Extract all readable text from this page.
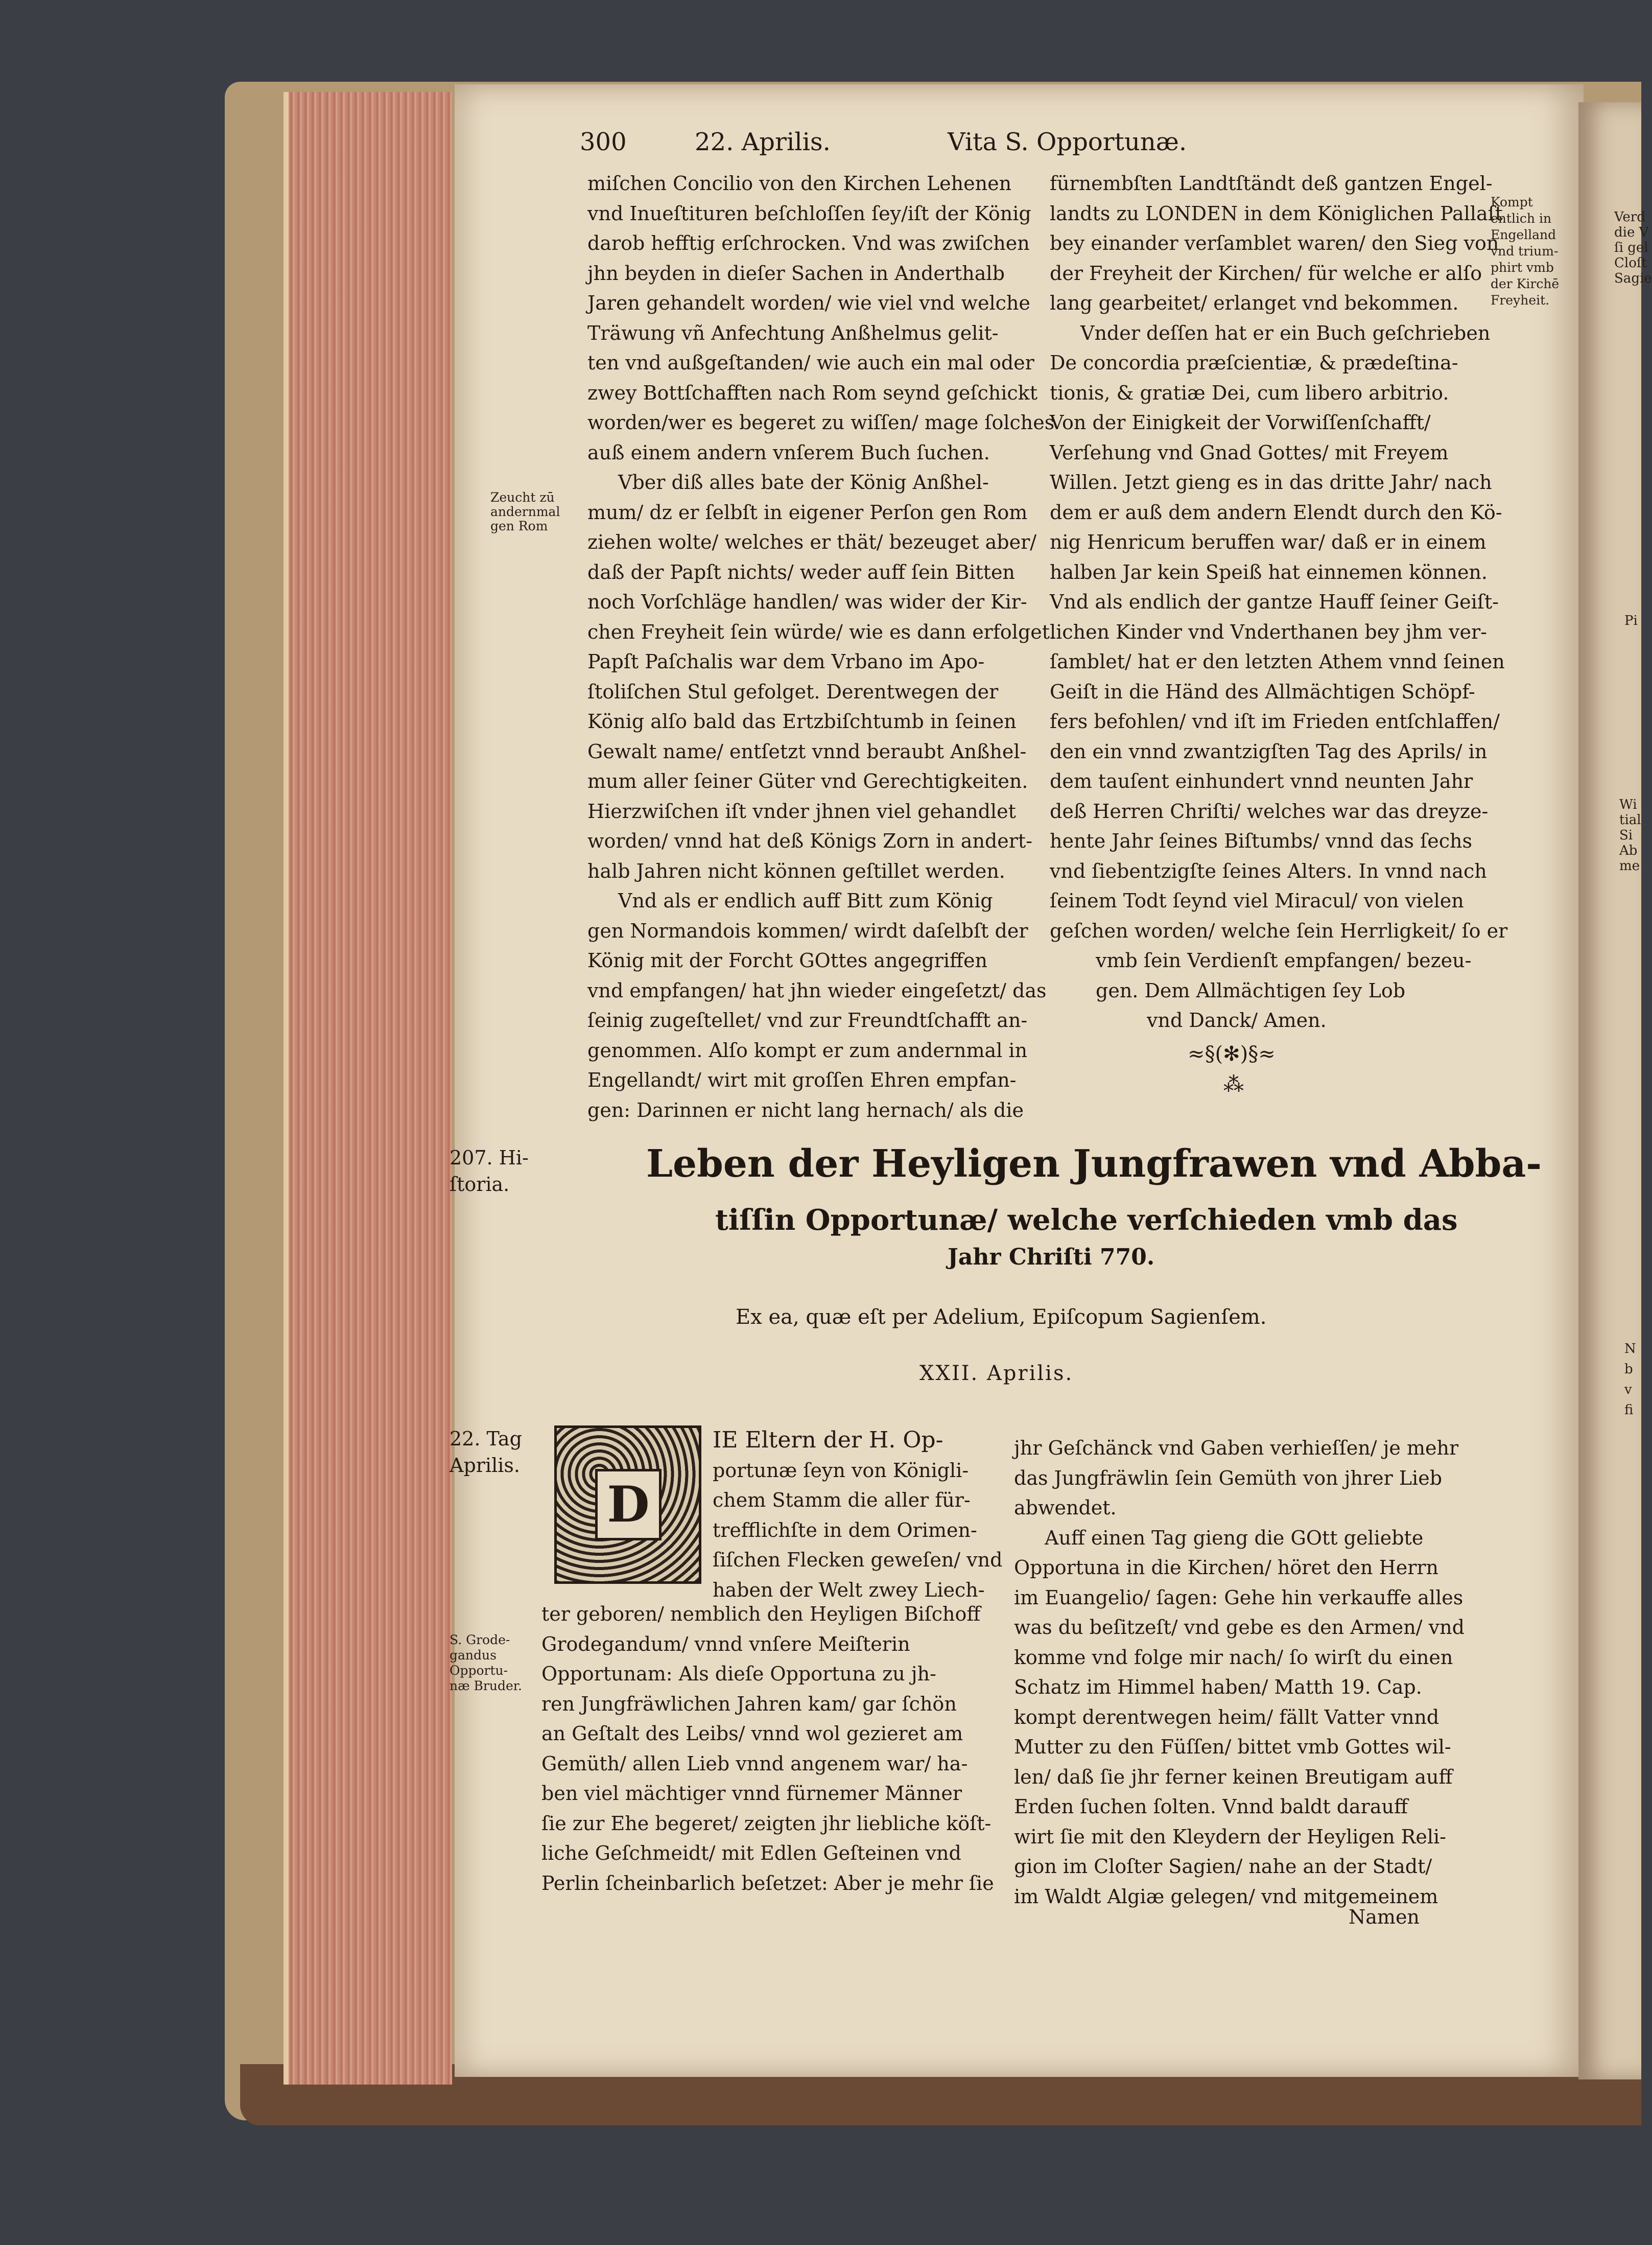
300	22. Aprilis.	Vita S. Opportunæ.
miſchen Concilio von den Kirchen Lehenen
vnd Inueſtituren beſchloſſen ſey/iſt der König
darob hefftig erſchrocken. Vnd was zwiſchen
jhn beyden in dieſer Sachen in Anderthalb
Jaren gehandelt worden/ wie viel vnd welche
Träwung vñ Anfechtung Anßhelmus gelit-
ten vnd außgeſtanden/ wie auch ein mal oder
zwey Bottſchafften nach Rom seynd geſchickt
worden/wer es begeret zu wiſſen/ mage ſolches
auß einem andern vnſerem Buch ſuchen.
Vber diß alles bate der König Anßhel-
mum/ dz er ſelbſt in eigener Perſon gen Rom
ziehen wolte/ welches er thät/ bezeuget aber/
daß der Papſt nichts/ weder auff ſein Bitten
noch Vorſchläge handlen/ was wider der Kir-
chen Freyheit ſein würde/ wie es dann erfolget.
Papſt Paſchalis war dem Vrbano im Apo-
ſtoliſchen Stul gefolget. Derentwegen der
König alſo bald das Ertzbiſchtumb in ſeinen
Gewalt name/ entſetzt vnnd beraubt Anßhel-
mum aller ſeiner Güter vnd Gerechtigkeiten.
Hierzwiſchen iſt vnder jhnen viel gehandlet
worden/ vnnd hat deß Königs Zorn in andert-
halb Jahren nicht können geſtillet werden.
Vnd als er endlich auff Bitt zum König
gen Normandois kommen/ wirdt daſelbſt der
König mit der Forcht GOttes angegriffen
vnd empfangen/ hat jhn wieder eingeſetzt/ das
ſeinig zugeſtellet/ vnd zur Freundtſchafft an-
genommen. Alſo kompt er zum andernmal in
Engellandt/ wirt mit groſſen Ehren empfan-
gen: Darinnen er nicht lang hernach/ als die
fürnembſten Landtſtändt deß gantzen Engel-
landts zu LONDEN in dem Königlichen Pallaſt
bey einander verſamblet waren/ den Sieg von
der Freyheit der Kirchen/ für welche er alſo
lang gearbeitet/ erlanget vnd bekommen.
Vnder deſſen hat er ein Buch geſchrieben
De concordia præſcientiæ, & prædeſtina-
tionis, & gratiæ Dei, cum libero arbitrio.
Von der Einigkeit der Vorwiſſenſchafft/
Verſehung vnd Gnad Gottes/ mit Freyem
Willen. Jetzt gieng es in das dritte Jahr/ nach
dem er auß dem andern Elendt durch den Kö-
nig Henricum beruffen war/ daß er in einem
halben Jar kein Speiß hat einnemen können.
Vnd als endlich der gantze Hauff ſeiner Geiſt-
lichen Kinder vnd Vnderthanen bey jhm ver-
ſamblet/ hat er den letzten Athem vnnd ſeinen
Geiſt in die Händ des Allmächtigen Schöpf-
fers befohlen/ vnd iſt im Frieden entſchlaffen/
den ein vnnd zwantzigſten Tag des Aprils/ in
dem tauſent einhundert vnnd neunten Jahr
deß Herren Chriſti/ welches war das dreyze-
hente Jahr ſeines Biſtumbs/ vnnd das ſechs
vnd ſiebentzigſte ſeines Alters. In vnnd nach
ſeinem Todt ſeynd viel Miracul/ von vielen
geſchen worden/ welche ſein Herrligkeit/ ſo er
vmb ſein Verdienſt empfangen/ bezeu-
gen. Dem Allmächtigen ſey Lob
vnd Danck/ Amen.
Zeucht zū
andernmal
gen Rom
Kompt
entlich in
Engelland
vnd trium-
phirt vmb
der Kirchē
Freyheit.
207. Hi-
ſtoria.
22. Tag
Aprilis.
S. Grode-
gandus
Opportu-
næ Bruder.
≈§(✻)§≈
⁂
Leben der Heyligen Jungfrawen vnd Abba-
tiſſin Opportunæ/ welche verſchieden vmb das
Jahr Chriſti 770.
Ex ea, quæ eſt per Adelium, Epiſcopum Sagienſem.
XXII. Aprilis.
D
IE Eltern der H. Op-
portunæ ſeyn von Königli-
chem Stamm die aller für-
trefflichſte in dem Orimen-
ſiſchen Flecken geweſen/ vnd
haben der Welt zwey Liech-
ter geboren/ nemblich den Heyligen Biſchoff
Grodegandum/ vnnd vnſere Meiſterin
Opportunam: Als dieſe Opportuna zu jh-
ren Jungfräwlichen Jahren kam/ gar ſchön
an Geſtalt des Leibs/ vnnd wol gezieret am
Gemüth/ allen Lieb vnnd angenem war/ ha-
ben viel mächtiger vnnd fürnemer Männer
ſie zur Ehe begeret/ zeigten jhr liebliche köſt-
liche Geſchmeidt/ mit Edlen Geſteinen vnd
Perlin ſcheinbarlich beſetzet: Aber je mehr ſie
jhr Geſchänck vnd Gaben verhieſſen/ je mehr
das Jungfräwlin ſein Gemüth von jhrer Lieb
abwendet.
Auff einen Tag gieng die GOtt geliebte
Opportuna in die Kirchen/ höret den Herrn
im Euangelio/ ſagen: Gehe hin verkauffe alles
was du beſitzeſt/ vnd gebe es den Armen/ vnd
komme vnd folge mir nach/ ſo wirſt du einen
Schatz im Himmel haben/ Matth 19. Cap.
kompt derentwegen heim/ fällt Vatter vnnd
Mutter zu den Füſſen/ bittet vmb Gottes wil-
len/ daß ſie jhr ferner keinen Breutigam auff
Erden ſuchen ſolten. Vnnd baldt darauff
wirt ſie mit den Kleydern der Heyligen Reli-
gion im Cloſter Sagien/ nahe an der Stadt/
im Waldt Algiæ gelegen/ vnd mitgemeinem
Namen
Verd
die V
ſi gel
Cloſt
Sagie
Pi
Wi
tial
Si
Ab
me
N
b
v
fi
